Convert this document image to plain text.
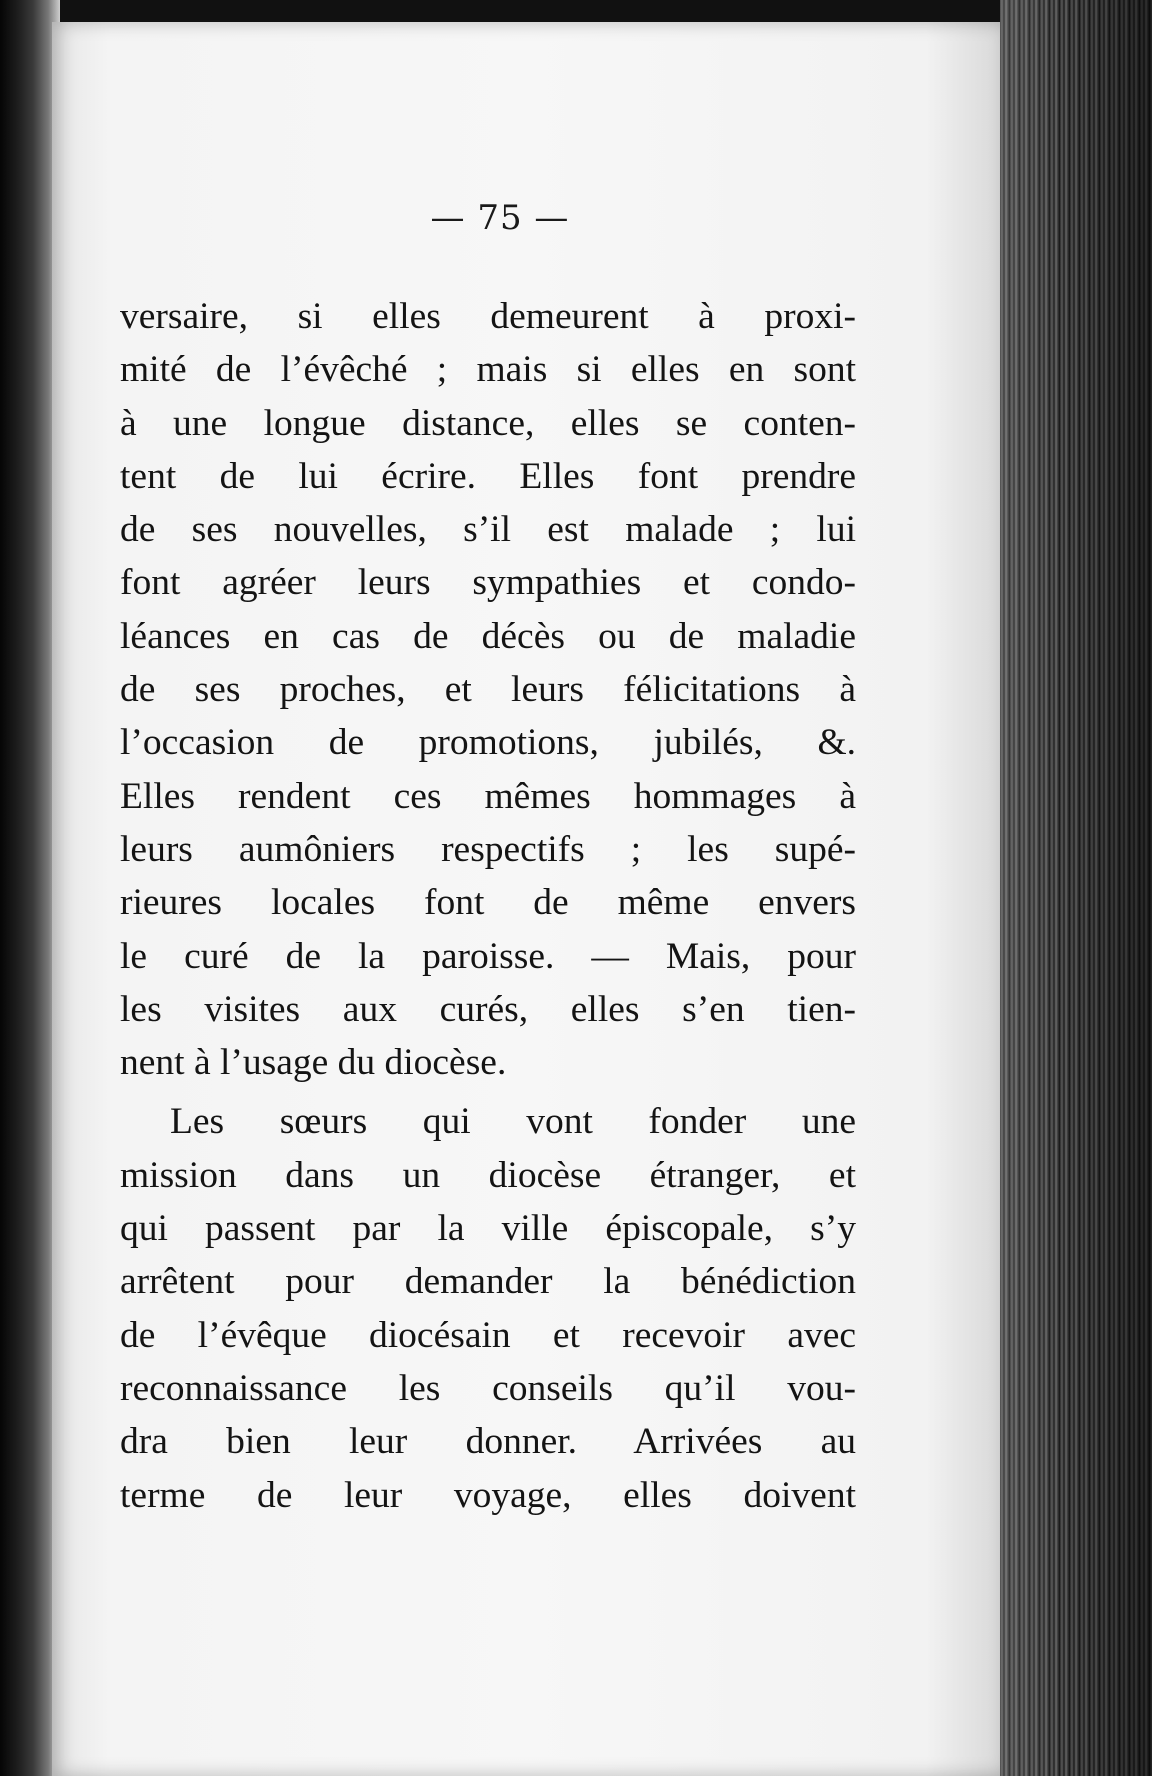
— 75 —
versaire, si elles demeurent à proxi-
mité de l’évêché ; mais si elles en sont
à une longue distance, elles se conten-
tent de lui écrire. Elles font prendre
de ses nouvelles, s’il est malade ; lui
font agréer leurs sympathies et condo-
léances en cas de décès ou de maladie
de ses proches, et leurs félicitations à
l’occasion de promotions, jubilés, &.
Elles rendent ces mêmes hommages à
leurs aumôniers respectifs ; les supé-
rieures locales font de même envers
le curé de la paroisse. — Mais, pour
les visites aux curés, elles s’en tien-
nent à l’usage du diocèse.
Les sœurs qui vont fonder une
mission dans un diocèse étranger, et
qui passent par la ville épiscopale, s’y
arrêtent pour demander la bénédiction
de l’évêque diocésain et recevoir avec
reconnaissance les conseils qu’il vou-
dra bien leur donner. Arrivées au
terme de leur voyage, elles doivent
